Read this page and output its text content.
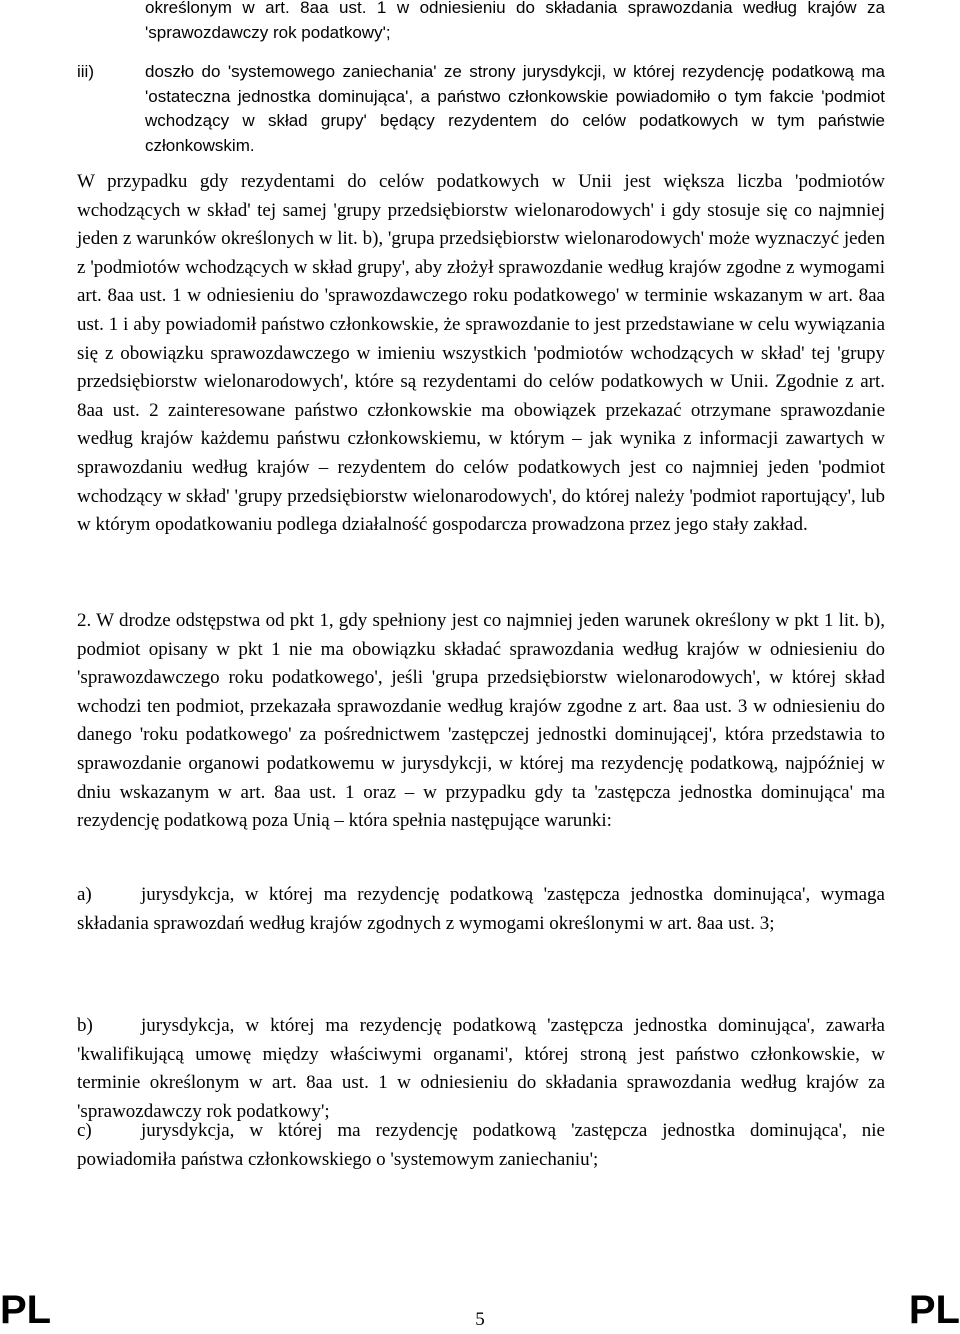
określonym w art. 8aa ust. 1 w odniesieniu do składania sprawozdania według krajów za 'sprawozdawczy rok podatkowy';

iii)	doszło do 'systemowego zaniechania' ze strony jurysdykcji, w której rezydencję podatkową ma 'ostateczna jednostka dominująca', a państwo członkowskie powiadomiło o tym fakcie 'podmiot wchodzący w skład grupy' będący rezydentem do celów podatkowych w tym państwie członkowskim.

W przypadku gdy rezydentami do celów podatkowych w Unii jest większa liczba 'podmiotów wchodzących w skład' tej samej 'grupy przedsiębiorstw wielonarodowych' i gdy stosuje się co najmniej jeden z warunków określonych w lit. b), 'grupa przedsiębiorstw wielonarodowych' może wyznaczyć jeden z 'podmiotów wchodzących w skład grupy', aby złożył sprawozdanie według krajów zgodne z wymogami art. 8aa ust. 1 w odniesieniu do 'sprawozdawczego roku podatkowego' w terminie wskazanym w art. 8aa ust. 1 i aby powiadomił państwo członkowskie, że sprawozdanie to jest przedstawiane w celu wywiązania się z obowiązku sprawozdawczego w imieniu wszystkich 'podmiotów wchodzących w skład' tej 'grupy przedsiębiorstw wielonarodowych', które są rezydentami do celów podatkowych w Unii. Zgodnie z art. 8aa ust. 2 zainteresowane państwo członkowskie ma obowiązek przekazać otrzymane sprawozdanie według krajów każdemu państwu członkowskiemu, w którym – jak wynika z informacji zawartych w sprawozdaniu według krajów – rezydentem do celów podatkowych jest co najmniej jeden 'podmiot wchodzący w skład' 'grupy przedsiębiorstw wielonarodowych', do której należy 'podmiot raportujący', lub w którym opodatkowaniu podlega działalność gospodarcza prowadzona przez jego stały zakład.

2. W drodze odstępstwa od pkt 1, gdy spełniony jest co najmniej jeden warunek określony w pkt 1 lit. b), podmiot opisany w pkt 1 nie ma obowiązku składać sprawozdania według krajów w odniesieniu do 'sprawozdawczego roku podatkowego', jeśli 'grupa przedsiębiorstw wielonarodowych', w której skład wchodzi ten podmiot, przekazała sprawozdanie według krajów zgodne z art. 8aa ust. 3 w odniesieniu do danego 'roku podatkowego' za pośrednictwem 'zastępczej jednostki dominującej', która przedstawia to sprawozdanie organowi podatkowemu w jurysdykcji, w której ma rezydencję podatkową, najpóźniej w dniu wskazanym w art. 8aa ust. 1 oraz – w przypadku gdy ta 'zastępcza jednostka dominująca' ma rezydencję podatkową poza Unią – która spełnia następujące warunki:

a)	jurysdykcja, w której ma rezydencję podatkową 'zastępcza jednostka dominująca', wymaga składania sprawozdań według krajów zgodnych z wymogami określonymi w art. 8aa ust. 3;

b)	jurysdykcja, w której ma rezydencję podatkową 'zastępcza jednostka dominująca', zawarła 'kwalifikującą umowę między właściwymi organami', której stroną jest państwo członkowskie, w terminie określonym w art. 8aa ust. 1 w odniesieniu do składania sprawozdania według krajów za 'sprawozdawczy rok podatkowy';

c)	jurysdykcja, w której ma rezydencję podatkową 'zastępcza jednostka dominująca', nie powiadomiła państwa członkowskiego o 'systemowym zaniechaniu';

PL	5	PL
